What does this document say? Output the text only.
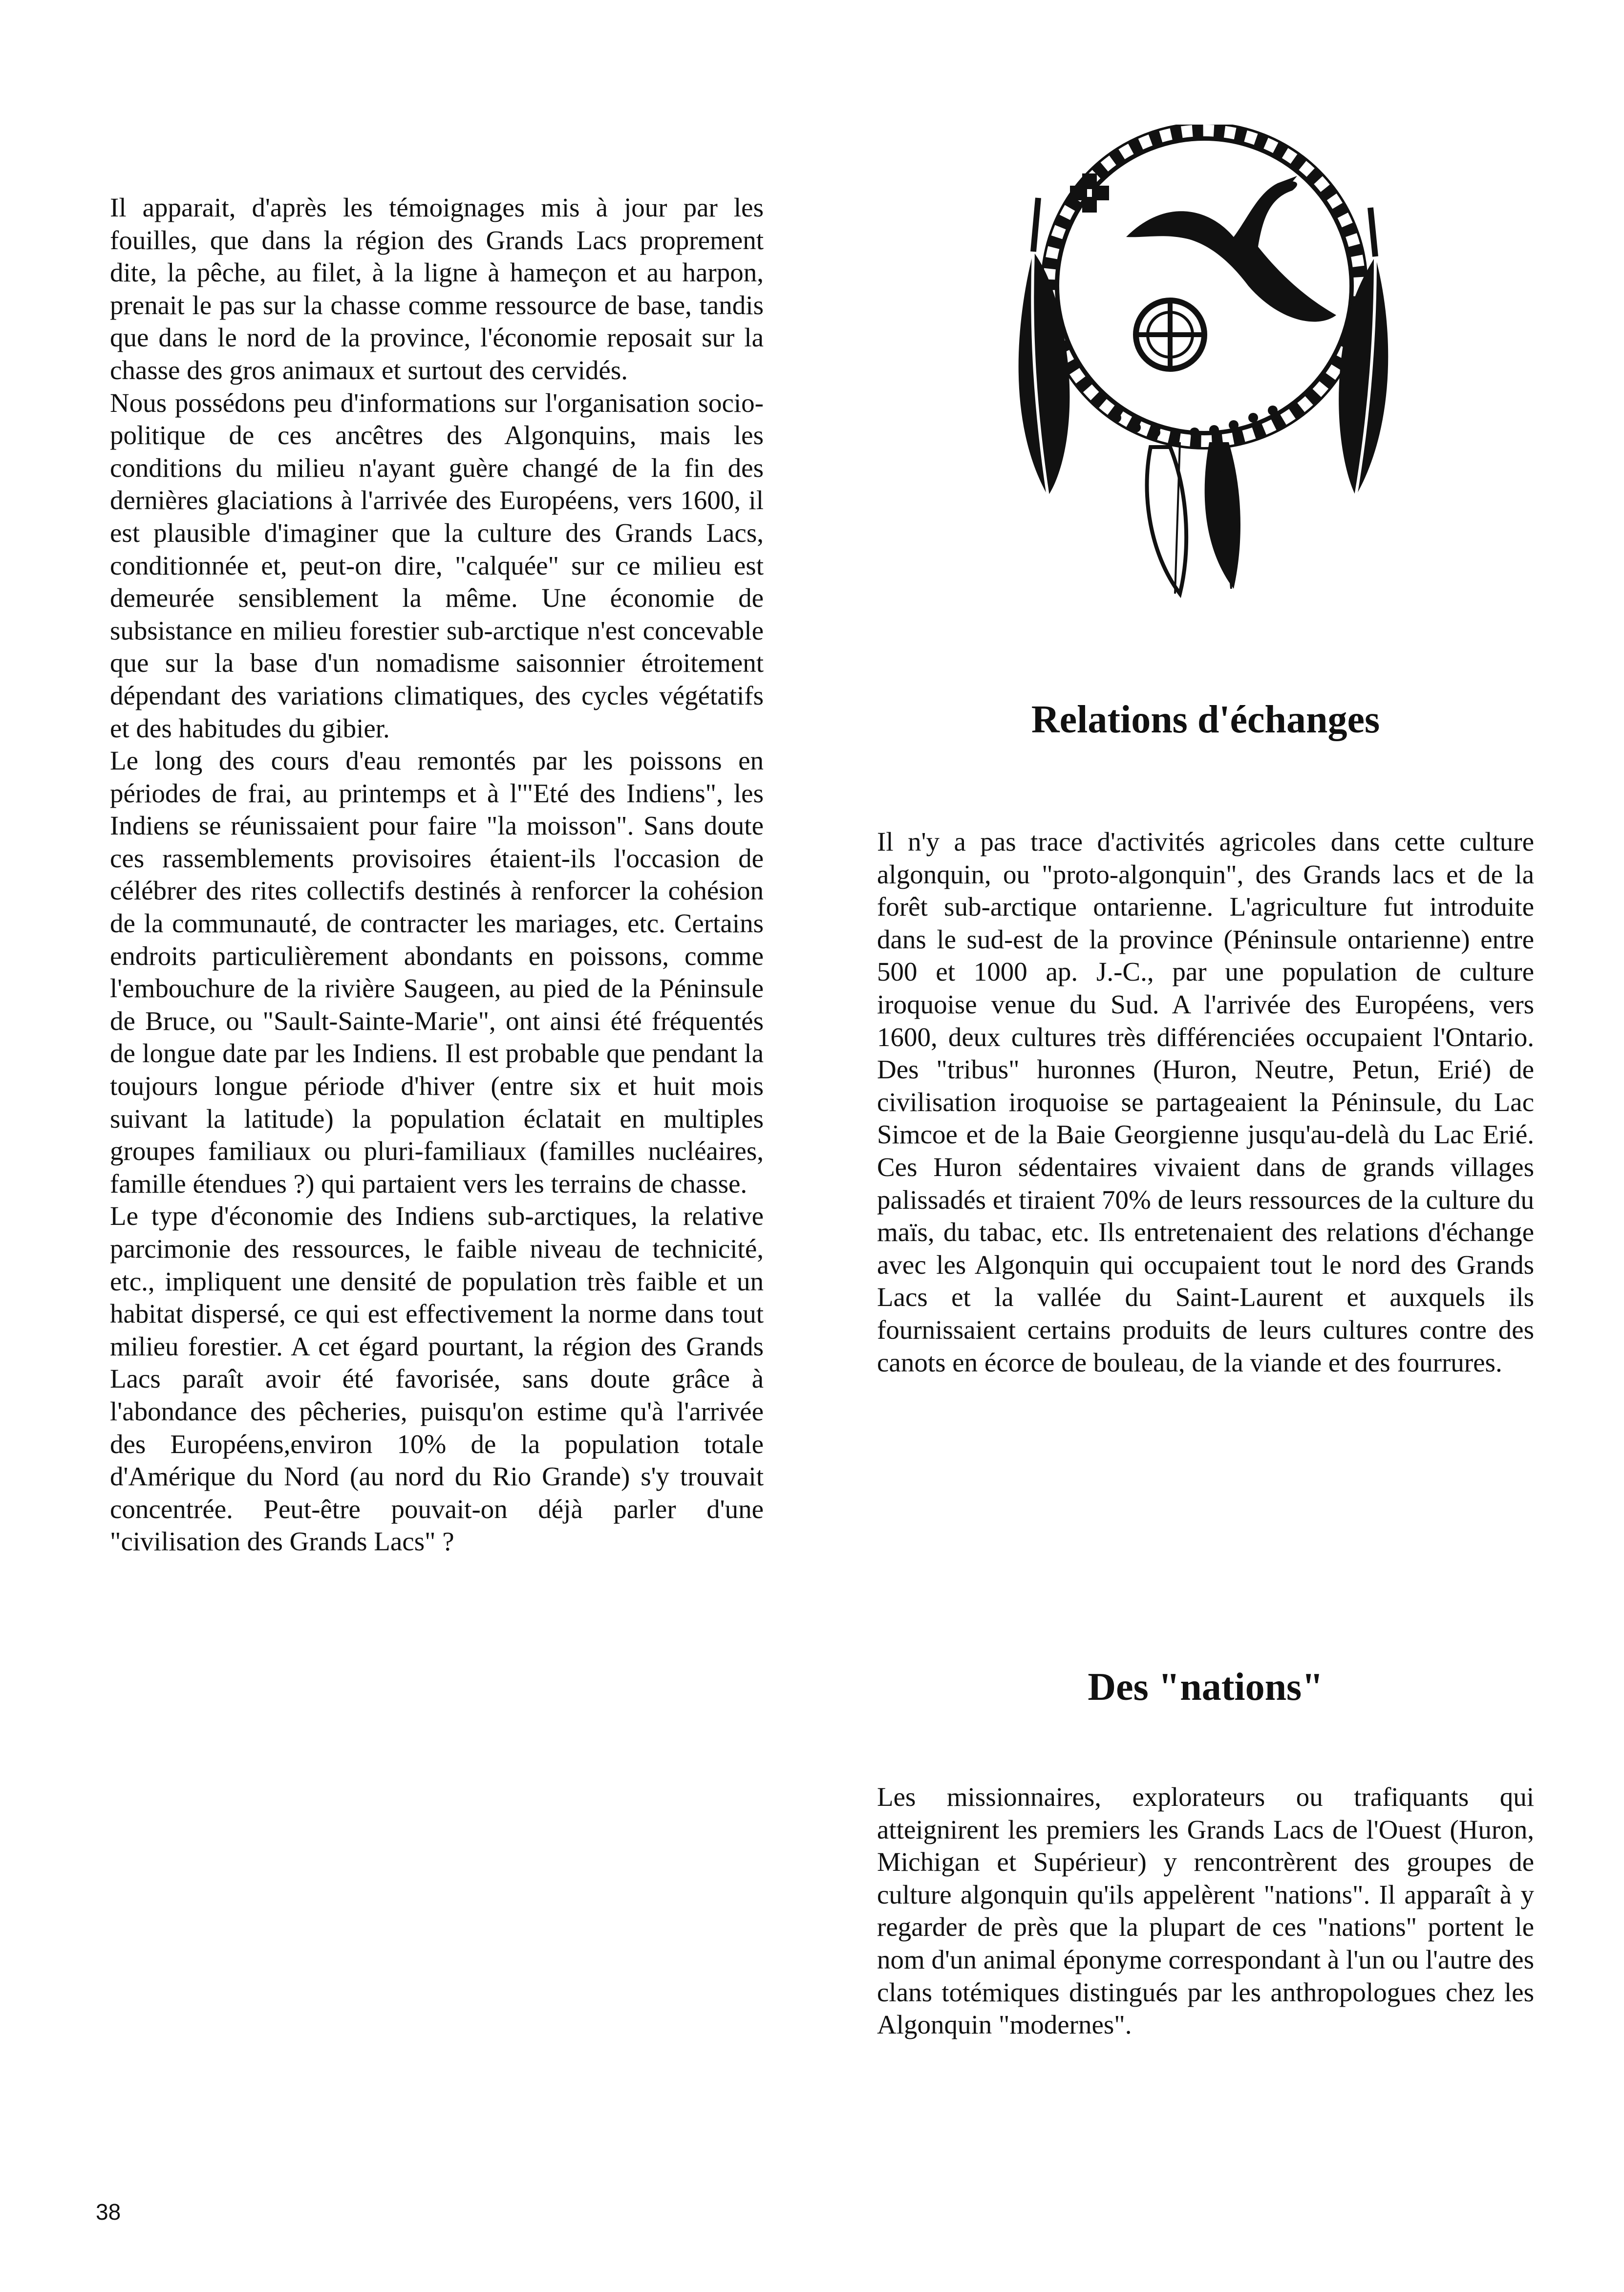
Il apparait, d'après les témoignages mis à jour par les fouilles, que dans la région des Grands Lacs proprement dite, la pêche, au filet, à la ligne à hameçon et au harpon, prenait le pas sur la chasse comme ressource de base, tandis que dans le nord de la province, l'économie reposait sur la chasse des gros animaux et surtout des cervidés.

Nous possédons peu d'informations sur l'organisation socio-politique de ces ancêtres des Algonquins, mais les conditions du milieu n'ayant guère changé de la fin des dernières glaciations à l'arrivée des Européens, vers 1600, il est plausible d'imaginer que la culture des Grands Lacs, conditionnée et, peut-on dire, "calquée" sur ce milieu est demeurée sensiblement la même. Une économie de subsistance en milieu forestier sub-arctique n'est concevable que sur la base d'un nomadisme saisonnier étroitement dépendant des variations climatiques, des cycles végétatifs et des habitudes du gibier.

Le long des cours d'eau remontés par les poissons en périodes de frai, au printemps et à l'"Eté des Indiens", les Indiens se réunissaient pour faire "la moisson". Sans doute ces rassemblements provisoires étaient-ils l'occasion de célébrer des rites collectifs destinés à renforcer la cohésion de la communauté, de contracter les mariages, etc. Certains endroits particulièrement abondants en poissons, comme l'embouchure de la rivière Saugeen, au pied de la Péninsule de Bruce, ou "Sault-Sainte-Marie", ont ainsi été fréquentés de longue date par les Indiens. Il est probable que pendant la toujours longue période d'hiver (entre six et huit mois suivant la latitude) la population éclatait en multiples groupes familiaux ou pluri-familiaux (familles nucléaires, famille étendues ?) qui partaient vers les terrains de chasse.

Le type d'économie des Indiens sub-arctiques, la relative parcimonie des ressources, le faible niveau de technicité, etc., impliquent une densité de population très faible et un habitat dispersé, ce qui est effectivement la norme dans tout milieu forestier. A cet égard pourtant, la région des Grands Lacs paraît avoir été favorisée, sans doute grâce à l'abondance des pêcheries, puisqu'on estime qu'à l'arrivée des Européens,environ 10% de la population totale d'Amérique du Nord (au nord du Rio Grande) s'y trouvait concentrée. Peut-être pouvait-on déjà parler d'une "civilisation des Grands Lacs" ?

Relations d'échanges

Il n'y a pas trace d'activités agricoles dans cette culture algonquin, ou "proto-algonquin", des Grands lacs et de la forêt sub-arctique ontarienne. L'agriculture fut introduite dans le sud-est de la province (Péninsule ontarienne) entre 500 et 1000 ap. J.-C., par une population de culture iroquoise venue du Sud. A l'arrivée des Européens, vers 1600, deux cultures très différenciées occupaient l'Ontario. Des "tribus" huronnes (Huron, Neutre, Petun, Erié) de civilisation iroquoise se partageaient la Péninsule, du Lac Simcoe et de la Baie Georgienne jusqu'au-delà du Lac Erié. Ces Huron sédentaires vivaient dans de grands villages palissadés et tiraient 70% de leurs ressources de la culture du maïs, du tabac, etc. Ils entretenaient des relations d'échange avec les Algonquin qui occupaient tout le nord des Grands Lacs et la vallée du Saint-Laurent et auxquels ils fournissaient certains produits de leurs cultures contre des canots en écorce de bouleau, de la viande et des fourrures.

Des "nations"

Les missionnaires, explorateurs ou trafiquants qui atteignirent les premiers les Grands Lacs de l'Ouest (Huron, Michigan et Supérieur) y rencontrèrent des groupes de culture algonquin qu'ils appelèrent "nations". Il apparaît à y regarder de près que la plupart de ces "nations" portent le nom d'un animal éponyme correspondant à l'un ou l'autre des clans totémiques distingués par les anthropologues chez les Algonquin "modernes".

38
